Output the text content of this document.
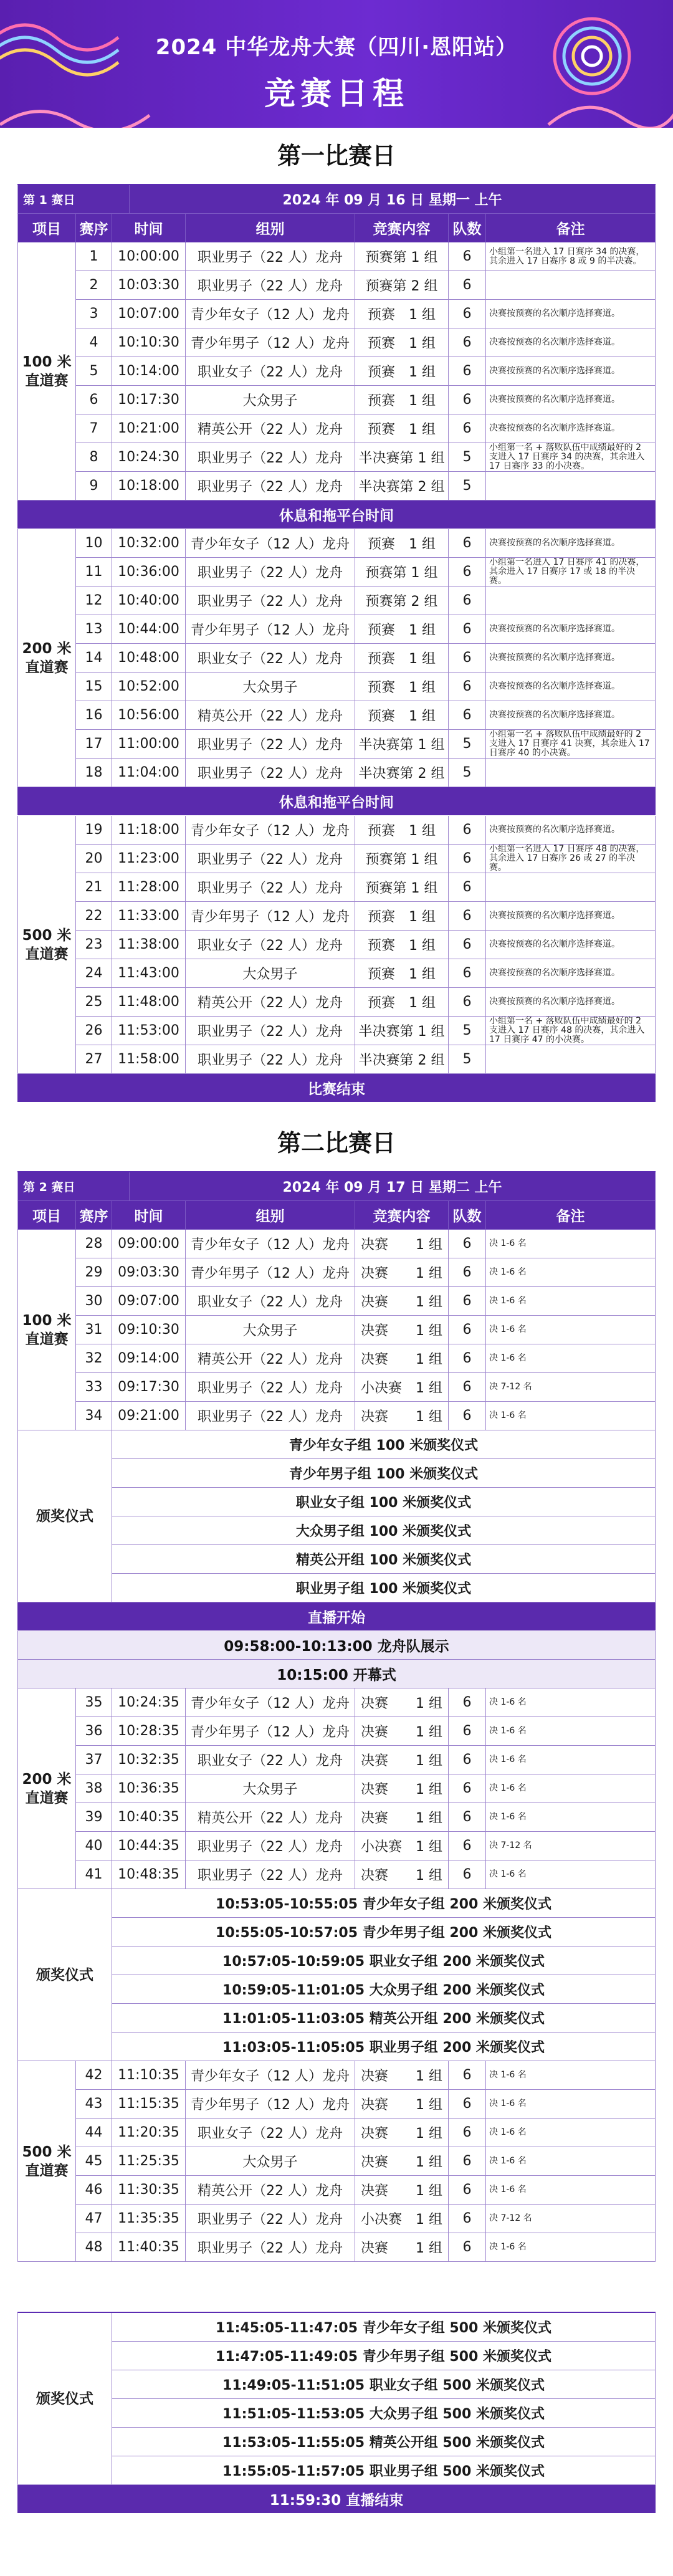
2024 中华龙舟大赛（四川·恩阳站）
竞赛日程
第一比赛日
第 1 赛日	2024 年 09 月 16 日 星期一 上午
项目	赛序	时间	组别	竞赛内容	队数	备注
100 米直道赛
1	10:00:00	职业男子（22 人）龙舟	预赛第 1 组	6	小组第一名进入 17 日赛序 34 的决赛，其余进入 17 日赛序 8 或 9 的半决赛。
2	10:03:30	职业男子（22 人）龙舟	预赛第 2 组	6
3	10:07:00 青少年女子（12 人）龙舟	预赛　1 组	6	决赛按预赛的名次顺序选择赛道。
4	10:10:30 青少年男子（12 人）龙舟	预赛　1 组	6	决赛按预赛的名次顺序选择赛道。
5	10:14:00	职业女子（22 人）龙舟	预赛　1 组	6	决赛按预赛的名次顺序选择赛道。
6	10:17:30	大众男子	预赛　1 组	6	决赛按预赛的名次顺序选择赛道。
7	10:21:00	精英公开（22 人）龙舟	预赛　1 组	6	决赛按预赛的名次顺序选择赛道。
8	10:24:30	职业男子（22 人）龙舟	半决赛第 1 组	5
小组第一名 + 落败队伍中成绩最好的 2 支进入 17 日赛序 34 的决赛，其余进入 17 日赛序 33 的小决赛。
9	10:18:00	职业男子（22 人）龙舟	半决赛第 2 组	5
休息和拖平台时间
200 米直道赛
10	10:32:00 青少年女子（12 人）龙舟	预赛　1 组	6	决赛按预赛的名次顺序选择赛道。
11	10:36:00	职业男子（22 人）龙舟	预赛第 1 组	6
小组第一名进入 17 日赛序 41 的决赛，其余进入 17 日赛序 17 或 18 的半决赛。
12	10:40:00	职业男子（22 人）龙舟	预赛第 2 组	6
13	10:44:00 青少年男子（12 人）龙舟	预赛　1 组	6	决赛按预赛的名次顺序选择赛道。
14	10:48:00	职业女子（22 人）龙舟	预赛　1 组	6	决赛按预赛的名次顺序选择赛道。
15	10:52:00	大众男子	预赛　1 组	6	决赛按预赛的名次顺序选择赛道。
16	10:56:00	精英公开（22 人）龙舟	预赛　1 组	6	决赛按预赛的名次顺序选择赛道。
17	11:00:00	职业男子（22 人）龙舟	半决赛第 1 组	5
小组第一名 + 落败队伍中成绩最好的 2 支进入 17 日赛序 41 决赛，其余进入 17 日赛序 40 的小决赛。
18	11:04:00	职业男子（22 人）龙舟	半决赛第 2 组	5
休息和拖平台时间
500 米直道赛
19	11:18:00 青少年女子（12 人）龙舟	预赛　1 组	6	决赛按预赛的名次顺序选择赛道。
20	11:23:00	职业男子（22 人）龙舟	预赛第 1 组	6
小组第一名进入 17 日赛序 48 的决赛，其余进入 17 日赛序 26 或 27 的半决赛。
21	11:28:00	职业男子（22 人）龙舟	预赛第 1 组	6
22	11:33:00 青少年男子（12 人）龙舟	预赛　1 组	6	决赛按预赛的名次顺序选择赛道。
23	11:38:00	职业女子（22 人）龙舟	预赛　1 组	6	决赛按预赛的名次顺序选择赛道。
24	11:43:00	大众男子	预赛　1 组	6	决赛按预赛的名次顺序选择赛道。
25	11:48:00	精英公开（22 人）龙舟	预赛　1 组	6	决赛按预赛的名次顺序选择赛道。
26	11:53:00	职业男子（22 人）龙舟	半决赛第 1 组	5
小组第一名 + 落败队伍中成绩最好的 2 支进入 17 日赛序 48 的决赛，其余进入 17 日赛序 47 的小决赛。
27	11:58:00	职业男子（22 人）龙舟	半决赛第 2 组	5
比赛结束
第二比赛日
第 2 赛日	2024 年 09 月 17 日 星期二 上午
项目	赛序	时间	组别	竞赛内容	队数	备注
100 米直道赛
28	09:00:00 青少年女子（12 人）龙舟 决赛　　1 组	6	决 1-6 名
29	09:03:30 青少年男子（12 人）龙舟 决赛　　1 组	6	决 1-6 名
30	09:07:00	职业女子（22 人）龙舟	决赛　　1 组	6	决 1-6 名
31	09:10:30	大众男子	决赛　　1 组	6	决 1-6 名
32	09:14:00	精英公开（22 人）龙舟	决赛　　1 组	6	决 1-6 名
33	09:17:30	职业男子（22 人）龙舟	小决赛　1 组	6	决 7-12 名
34	09:21:00	职业男子（22 人）龙舟	决赛　　1 组	6	决 1-6 名
颁奖仪式
青少年女子组 100 米颁奖仪式
青少年男子组 100 米颁奖仪式
职业女子组 100 米颁奖仪式
大众男子组 100 米颁奖仪式
精英公开组 100 米颁奖仪式
职业男子组 100 米颁奖仪式
直播开始
09:58:00-10:13:00 龙舟队展示
10:15:00 开幕式
200 米直道赛
35	10:24:35 青少年女子（12 人）龙舟 决赛　　1 组	6	决 1-6 名
36	10:28:35 青少年男子（12 人）龙舟 决赛　　1 组	6	决 1-6 名
37	10:32:35	职业女子（22 人）龙舟	决赛　　1 组	6	决 1-6 名
38	10:36:35	大众男子	决赛　　1 组	6	决 1-6 名
39	10:40:35	精英公开（22 人）龙舟	决赛　　1 组	6	决 1-6 名
40	10:44:35	职业男子（22 人）龙舟	小决赛　1 组	6	决 7-12 名
41	10:48:35	职业男子（22 人）龙舟	决赛　　1 组	6	决 1-6 名
颁奖仪式
10:53:05-10:55:05 青少年女子组 200 米颁奖仪式
10:55:05-10:57:05 青少年男子组 200 米颁奖仪式
10:57:05-10:59:05 职业女子组 200 米颁奖仪式
10:59:05-11:01:05 大众男子组 200 米颁奖仪式
11:01:05-11:03:05 精英公开组 200 米颁奖仪式
11:03:05-11:05:05 职业男子组 200 米颁奖仪式
500 米直道赛
42	11:10:35 青少年女子（12 人）龙舟 决赛　　1 组	6	决 1-6 名
43	11:15:35 青少年男子（12 人）龙舟 决赛　　1 组	6	决 1-6 名
44	11:20:35	职业女子（22 人）龙舟	决赛　　1 组	6	决 1-6 名
45	11:25:35	大众男子	决赛　　1 组	6	决 1-6 名
46	11:30:35	精英公开（22 人）龙舟	决赛　　1 组	6	决 1-6 名
47	11:35:35	职业男子（22 人）龙舟	小决赛　1 组	6	决 7-12 名
48	11:40:35	职业男子（22 人）龙舟	决赛　　1 组	6	决 1-6 名
颁奖仪式
11:45:05-11:47:05 青少年女子组 500 米颁奖仪式
11:47:05-11:49:05 青少年男子组 500 米颁奖仪式
11:49:05-11:51:05 职业女子组 500 米颁奖仪式
11:51:05-11:53:05 大众男子组 500 米颁奖仪式
11:53:05-11:55:05 精英公开组 500 米颁奖仪式
11:55:05-11:57:05 职业男子组 500 米颁奖仪式
11:59:30 直播结束
